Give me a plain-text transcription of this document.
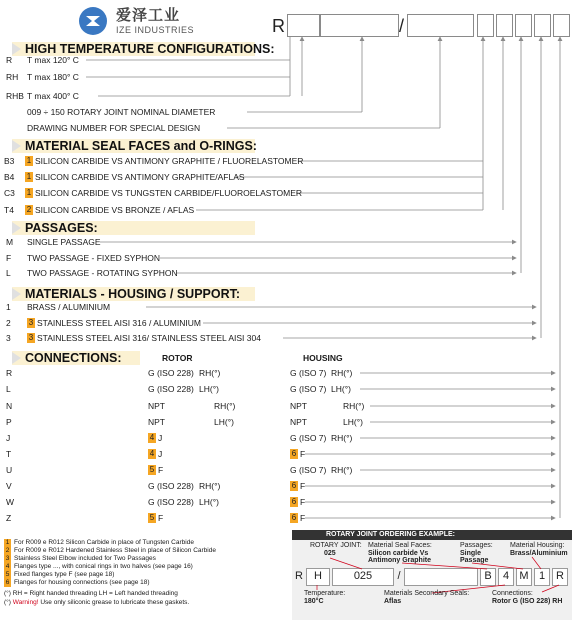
爱泽工业
IZE INDUSTRIES	R	/
HIGH TEMPERATURE CONFIGURATIONS:
R T max 120° C
RH T max 180° C
RHB T max 400° C
009 ÷ 150 ROTARY JOINT NOMINAL DIAMETER
DRAWING NUMBER FOR SPECIAL DESIGN
MATERIAL SEAL FACES and O-RINGS:
B3 1 SILICON CARBIDE VS ANTIMONY GRAPHITE / FLUORELASTOMER
B4 1 SILICON CARBIDE VS ANTIMONY GRAPHITE/AFLAS
C3 1 SILICON CARBIDE VS TUNGSTEN CARBIDE/FLUOROELASTOMER
T4 2 SILICON CARBIDE VS BRONZE / AFLAS
PASSAGES:
M SINGLE PASSAGE
F TWO PASSAGE - FIXED SYPHON
L TWO PASSAGE - ROTATING SYPHON
MATERIALS - HOUSING / SUPPORT:
1 BRASS / ALUMINIUM
2 3 STAINLESS STEEL AISI 316 / ALUMINIUM
3 3 STAINLESS STEEL AISI 316/ STAINLESS STEEL AISI 304
CONNECTIONS:	ROTOR	HOUSING
R	G (ISO 228) RH(°)	G (ISO 7) RH(°)
L	G (ISO 228) LH(°)	G (ISO 7) LH(°)
N	NPT	RH(°)	NPT	RH(°)
P	NPT	LH(°)	NPT	LH(°)
J	4 J	G (ISO 7) RH(°)
T	4 J	6 F
U	5 F	G (ISO 7) RH(°)
V	G (ISO 228) RH(°)	6 F
W	G (ISO 228) LH(°)	6 F
Z	5 F	6 F
1 For R009 e R012 Silicon Carbide in place of Tungsten Carbide
2 For R009 e R012 Hardened Stainless Steel in place of Silicon Carbide
3 Stainless Steel Elbow included for Two Passages
4 Flanges type ..., with conical rings in two halves (see page 16)
5 Fixed flanges type F (see page 18)
6 Flanges for housing connections (see page 18)
(°) RH = Right handed threading LH = Left handed threading
(°) Warning! Use only siliconic grease to lubricate these gaskets.
ROTARY JOINT ORDERING EXAMPLE:
ROTARY JOINT:
025
Material Seal Faces:
Silicon carbide Vs
Antimony Graphite
Passages:
Single
Passage
Material Housing:
Brass/Aluminium
R	H	025	/	B	4 M 1 R
Temperature:
180°C
Materials Secondary Seals:
Aflas
Connections:
Rotor G (ISO 228) RH
